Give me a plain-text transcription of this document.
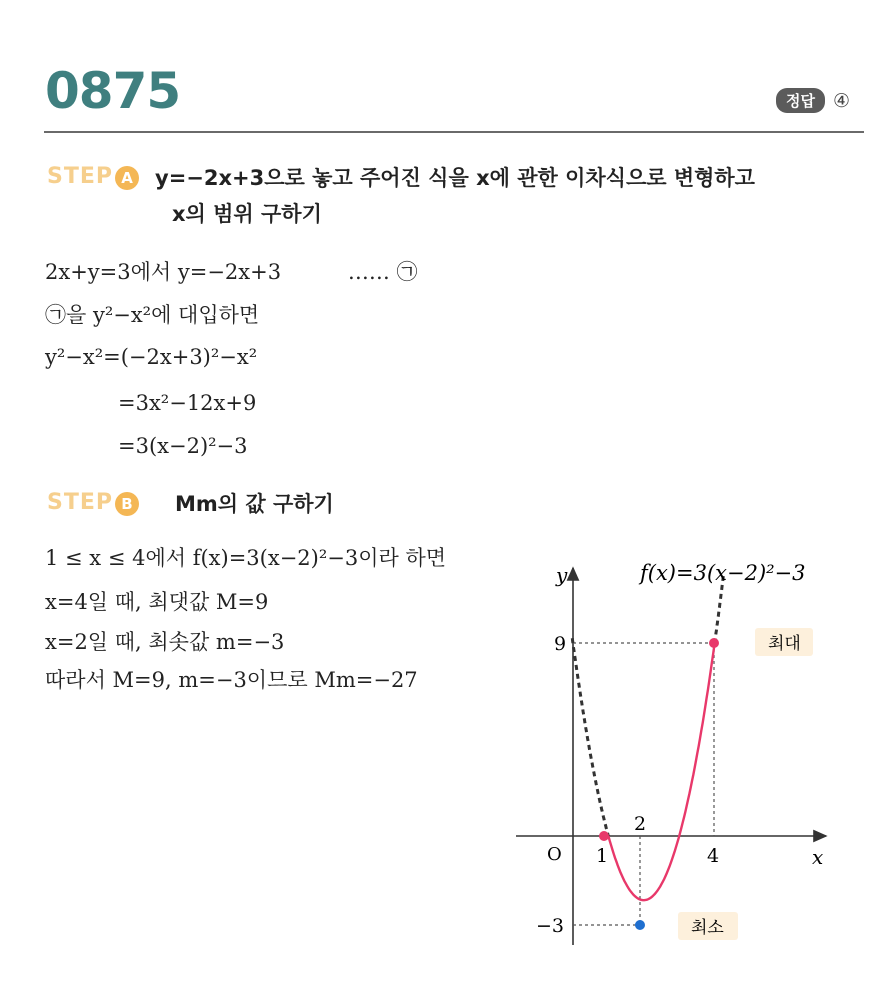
0875	정답 ④
STEP A y=−2x+3으로 놓고 주어진 식을 x에 관한 이차식으로 변형하고
x의 범위 구하기
2x+y=3에서 y=−2x+3          …… ㉠
㉠을 y²−x²에 대입하면
y²−x²=(−2x+3)²−x²
=3x²−12x+9
=3(x−2)²−3
STEP B Mm의 값 구하기
1 ≤ x ≤ 4에서 f(x)=3(x−2)²−3이라 하면
x=4일 때, 최댓값 M=9
x=2일 때, 최솟값 m=−3
따라서 M=9, m=−3이므로 Mm=−27
f(x)=3(x−2)²−3
y
x
O
9
−3
1
2
4
최대
최소
